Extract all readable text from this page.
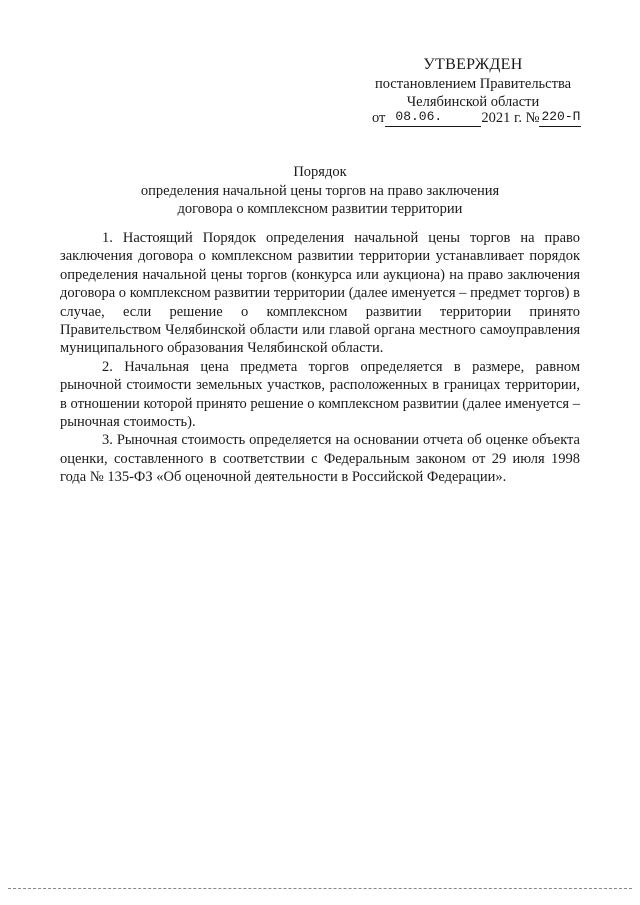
УТВЕРЖДЕН
постановлением Правительства
Челябинской области
от 08.06.	2021 г. № 220-П
Порядок
определения начальной цены торгов на право заключения
договора о комплексном развитии территории

1. Настоящий Порядок определения начальной цены торгов на право заключения договора о комплексном развитии территории устанавливает порядок определения начальной цены торгов (конкурса или аукциона) на право заключения договора о комплексном развитии территории (далее именуется – предмет торгов) в случае, если решение о комплексном развитии территории принято Правительством Челябинской области или главой органа местного самоуправления муниципального образования Челябинской области.

2. Начальная цена предмета торгов определяется в размере, равном рыночной стоимости земельных участков, расположенных в границах территории, в отношении которой принято решение о комплексном развитии (далее именуется – рыночная стоимость).

3. Рыночная стоимость определяется на основании отчета об оценке объекта оценки, составленного в соответствии с Федеральным законом от 29 июля 1998 года № 135-ФЗ «Об оценочной деятельности в Российской Федерации».
